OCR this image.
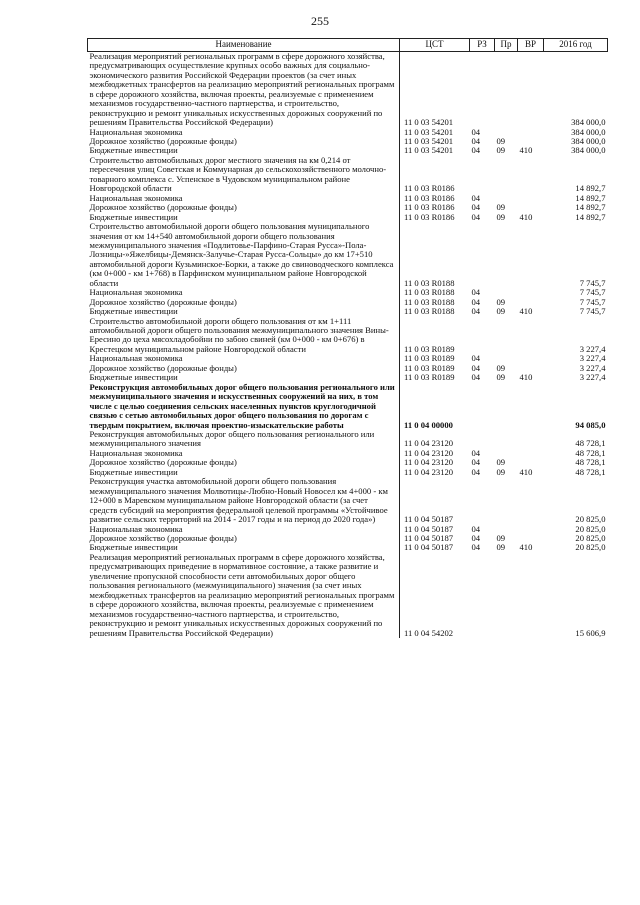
255
Наименование	ЦСТ	РЗ	Пр	ВР	2016 год
Реализация мероприятий региональных программ в сфере дорожного хозяйства, предусматривающих осуществление крупных особо важных для социально-экономического развития Российской Федерации проектов (за счет иных межбюджетных трансфертов на реализацию мероприятий региональных программ в сфере дорожного хозяйства, включая проекты, реализуемые с применением механизмов государственно-частного партнерства, и строительство, реконструкцию и ремонт уникальных искусственных дорожных сооружений по решениям Правительства Российской Федерации)	11 0 03 54201				384 000,0
Национальная экономика	11 0 03 54201	04			384 000,0
Дорожное хозяйство (дорожные фонды)	11 0 03 54201	04	09		384 000,0
Бюджетные инвестиции	11 0 03 54201	04	09	410	384 000,0
Строительство автомобильных дорог местного значения на км 0,214 от пересечения улиц Советская и Коммунарная до сельскохозяйственного молочно-товарного комплекса с. Успенское в Чудовском муниципальном районе Новгородской области	11 0 03 R0186				14 892,7
Национальная экономика	11 0 03 R0186	04			14 892,7
Дорожное хозяйство (дорожные фонды)	11 0 03 R0186	04	09		14 892,7
Бюджетные инвестиции	11 0 03 R0186	04	09	410	14 892,7
Строительство автомобильной дороги общего пользования муниципального значения от км 14+540 автомобильной дороги общего пользования межмуниципального значения «Подлитовье-Парфино-Старая Русса»-Пола-Лозницы-»Яжелбицы-Демянск-Залучье-Старая Русса-Сольцы» до км 17+510 автомобильной дороги Кузьминское-Борки, а также до свиноводческого комплекса (км 0+000 - км 1+768) в Парфинском муниципальном районе Новгородской области	11 0 03 R0188				7 745,7
Национальная экономика	11 0 03 R0188	04			7 745,7
Дорожное хозяйство (дорожные фонды)	11 0 03 R0188	04	09		7 745,7
Бюджетные инвестиции	11 0 03 R0188	04	09	410	7 745,7
Строительство автомобильной дороги общего пользования от км 1+111 автомобильной дороги общего пользования межмуниципального значения Вины-Ересино до цеха мясохладобойни по забою свиней (км 0+000 - км 0+676) в Крестецком муниципальном районе Новгородской области	11 0 03 R0189				3 227,4
Национальная экономика	11 0 03 R0189	04			3 227,4
Дорожное хозяйство (дорожные фонды)	11 0 03 R0189	04	09		3 227,4
Бюджетные инвестиции	11 0 03 R0189	04	09	410	3 227,4
Реконструкция автомобильных дорог общего пользования регионального или межмуниципального значения и искусственных сооружений на них, в том числе с целью соединения сельских населенных пунктов круглогодичной связью с сетью автомобильных дорог общего пользования по дорогам с твердым покрытием, включая проектно-изыскательские работы	11 0 04 00000				94 085,0
Реконструкция автомобильных дорог общего пользования регионального или межмуниципального значения	11 0 04 23120				48 728,1
Национальная экономика	11 0 04 23120	04			48 728,1
Дорожное хозяйство (дорожные фонды)	11 0 04 23120	04	09		48 728,1
Бюджетные инвестиции	11 0 04 23120	04	09	410	48 728,1
Реконструкция участка автомобильной дороги общего пользования межмуниципального значения Молвотицы-Любно-Новый Новосел км 4+000 - км 12+000 в Маревском муниципальном районе Новгородской области (за счет средств субсидий на мероприятия федеральной целевой программы «Устойчивое развитие сельских территорий на 2014 - 2017 годы и на период до 2020 года»)	11 0 04 50187				20 825,0
Национальная экономика	11 0 04 50187	04			20 825,0
Дорожное хозяйство (дорожные фонды)	11 0 04 50187	04	09		20 825,0
Бюджетные инвестиции	11 0 04 50187	04	09	410	20 825,0
Реализация мероприятий региональных программ в сфере дорожного хозяйства, предусматривающих приведение в нормативное состояние, а также развитие и увеличение пропускной способности сети автомобильных дорог общего пользования регионального (межмуниципального) значения (за счет иных межбюджетных трансфертов на реализацию мероприятий региональных программ в сфере дорожного хозяйства, включая проекты, реализуемые с применением механизмов государственно-частного партнерства, и строительство, реконструкцию и ремонт уникальных искусственных дорожных сооружений по решениям Правительства Российской Федерации)	11 0 04 54202				15 606,9
